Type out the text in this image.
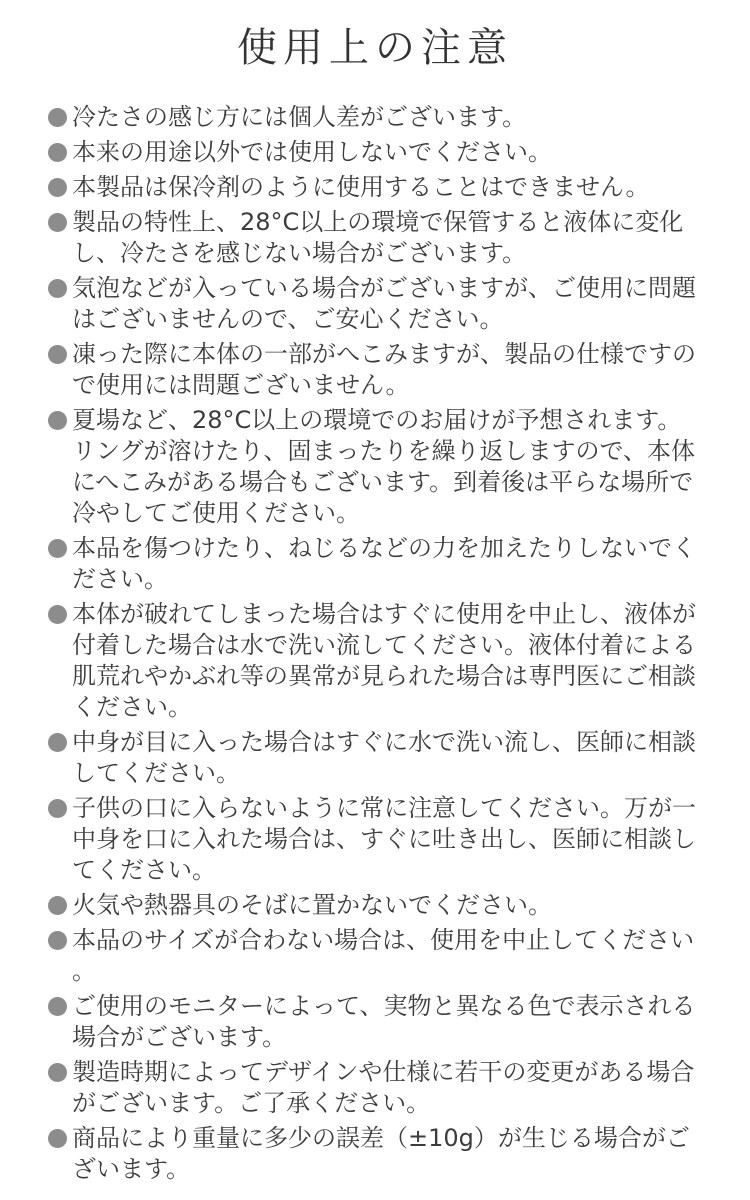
使用上の注意
冷たさの感じ方には個人差がございます。
本来の用途以外では使用しないでください。
本製品は保冷剤のように使用することはできません。
製品の特性上、28°C以上の環境で保管すると液体に変化し、冷たさを感じない場合がございます。
気泡などが入っている場合がございますが、ご使用に問題はございませんので、ご安心ください。
凍った際に本体の一部がへこみますが、製品の仕様ですので使用には問題ございません。
夏場など、28°C以上の環境でのお届けが予想されます。リングが溶けたり、固まったりを繰り返しますので、本体にへこみがある場合もございます。到着後は平らな場所で冷やしてご使用ください。
本品を傷つけたり、ねじるなどの力を加えたりしないでください。
本体が破れてしまった場合はすぐに使用を中止し、液体が付着した場合は水で洗い流してください。液体付着による肌荒れやかぶれ等の異常が見られた場合は専門医にご相談ください。
中身が目に入った場合はすぐに水で洗い流し、医師に相談してください。
子供の口に入らないように常に注意してください。万が一中身を口に入れた場合は、すぐに吐き出し、医師に相談してください。
火気や熱器具のそばに置かないでください。
本品のサイズが合わない場合は、使用を中止してください。
ご使用のモニターによって、実物と異なる色で表示される場合がございます。
製造時期によってデザインや仕様に若干の変更がある場合がございます。ご了承ください。
商品により重量に多少の誤差（±10g）が生じる場合がございます。
